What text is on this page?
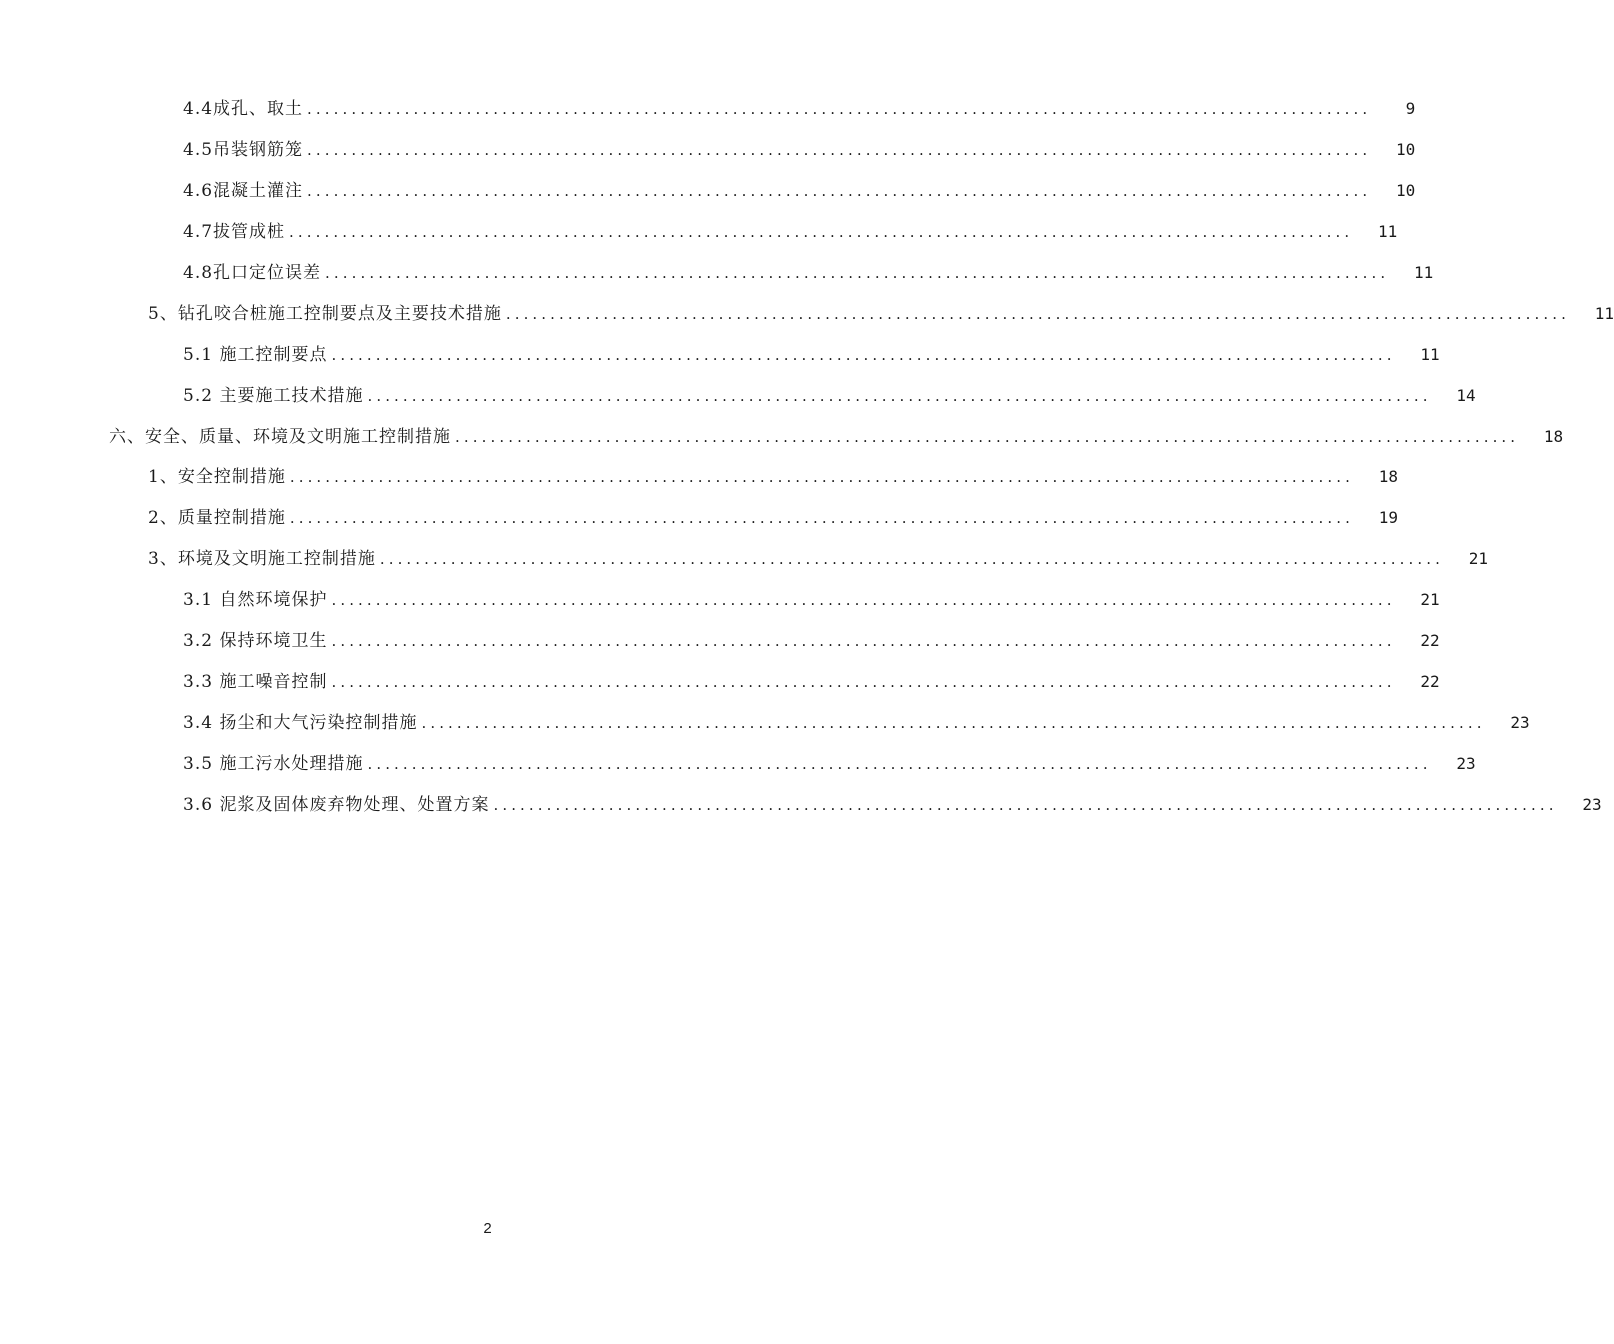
4.4成孔、取土 ........................................................................................................................	9
4.5吊装钢筋笼 ........................................................................................................................	10
4.6混凝土灌注 ........................................................................................................................	10
4.7拔管成桩 ........................................................................................................................	11
4.8孔口定位误差 ........................................................................................................................	11
5、钻孔咬合桩施工控制要点及主要技术措施 ........................................................................................................................	11
5.1 施工控制要点 ........................................................................................................................	11
5.2 主要施工技术措施 ........................................................................................................................	14
六、安全、质量、环境及文明施工控制措施 ........................................................................................................................	18
1、安全控制措施 ........................................................................................................................	18
2、质量控制措施 ........................................................................................................................	19
3、环境及文明施工控制措施 ........................................................................................................................	21
3.1 自然环境保护 ........................................................................................................................	21
3.2 保持环境卫生 ........................................................................................................................	22
3.3 施工噪音控制 ........................................................................................................................	22
3.4 扬尘和大气污染控制措施 ........................................................................................................................	23
3.5 施工污水处理措施 ........................................................................................................................	23
3.6 泥浆及固体废弃物处理、处置方案 ........................................................................................................................	23
2
